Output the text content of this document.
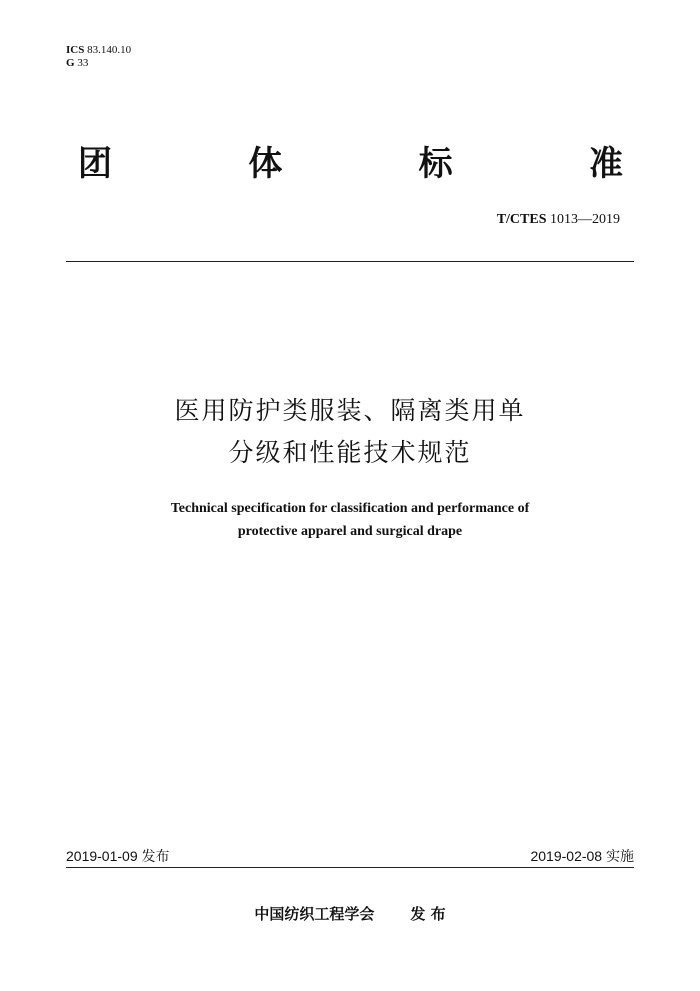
ICS 83.140.10
G 33
团	体	标	准
T/CTES 1013—2019
医用防护类服装、隔离类用单
分级和性能技术规范
Technical specification for classification and performance of
protective apparel and surgical drape
2019-01-09 发布	2019-02-08 实施
中国纺织工程学会 发 布
